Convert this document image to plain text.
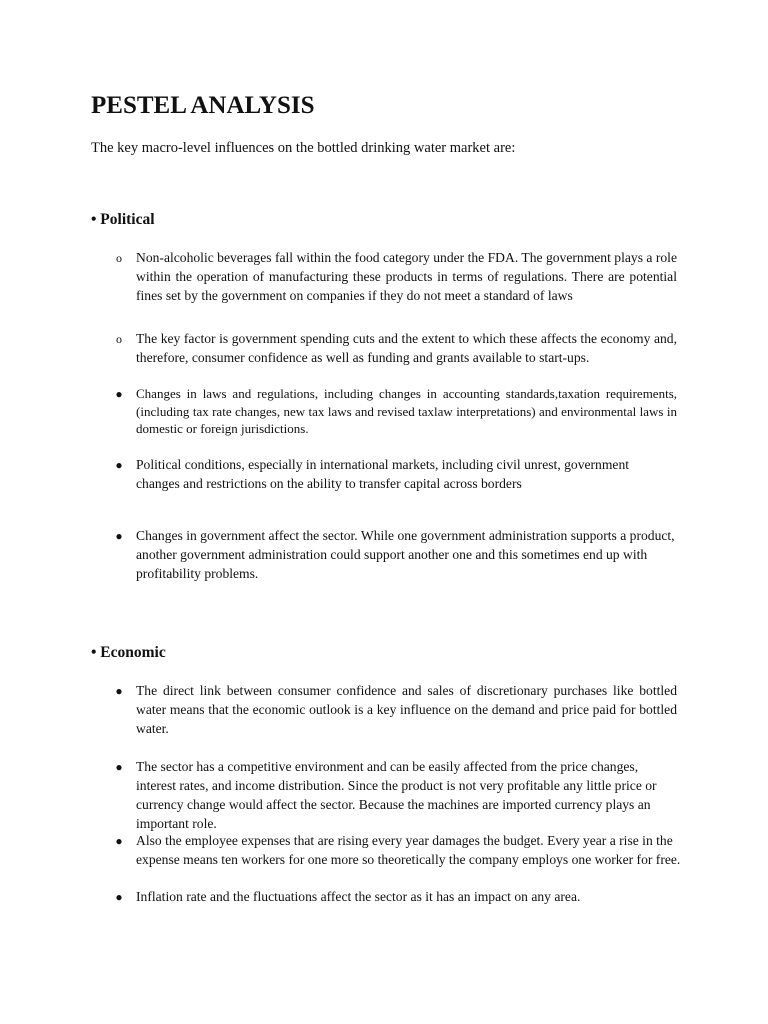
PESTEL ANALYSIS

The key macro-level influences on the bottled drinking water market are:

• Political
o Non-alcoholic beverages fall within the food category under the FDA. The government plays a role within the operation of manufacturing these products in terms of regulations. There are potential fines set by the government on companies if they do not meet a standard of laws
o The key factor is government spending cuts and the extent to which these affects the economy and, therefore, consumer confidence as well as funding and grants available to start-ups.
● Changes in laws and regulations, including changes in accounting standards,taxation requirements, (including tax rate changes, new tax laws and revised taxlaw interpretations) and environmental laws in domestic or foreign jurisdictions.
● Political conditions, especially in international markets, including civil unrest, government changes and restrictions on the ability to transfer capital across borders
● Changes in government affect the sector. While one government administration supports a product, another government administration could support another one and this sometimes end up with profitability problems.
• Economic
● The direct link between consumer confidence and sales of discretionary purchases like bottled water means that the economic outlook is a key influence on the demand and price paid for bottled water.
● The sector has a competitive environment and can be easily affected from the price changes, interest rates, and income distribution. Since the product is not very profitable any little price or currency change would affect the sector. Because the machines are imported currency plays an important role.
● Also the employee expenses that are rising every year damages the budget. Every year a rise in the expense means ten workers for one more so theoretically the company employs one worker for free.
● Inflation rate and the fluctuations affect the sector as it has an impact on any area.
